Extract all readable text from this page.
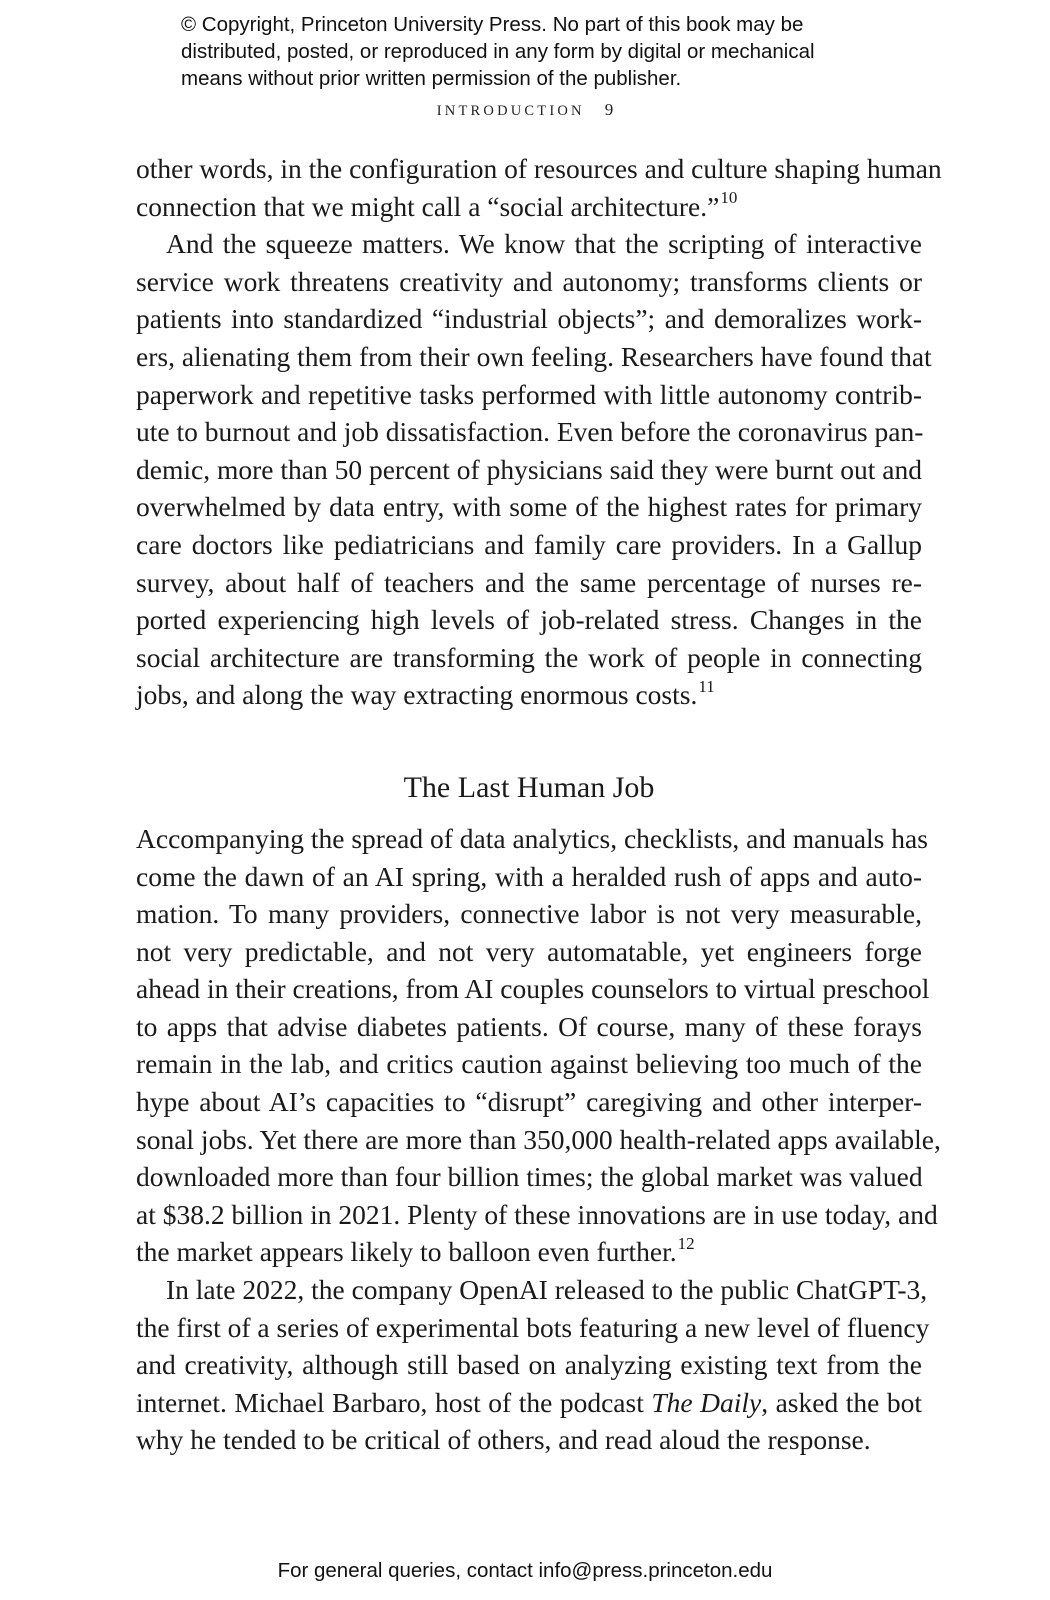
© Copyright, Princeton University Press. No part of this book may be
distributed, posted, or reproduced in any form by digital or mechanical
means without prior written permission of the publisher.
INTRODUCTION 9
other words, in the configuration of resources and culture shaping human
connection that we might call a “social architecture.”$^{10}$
And the squeeze matters. We know that the scripting of interactive
service work threatens creativity and autonomy; transforms clients or
patients into standardized “industrial objects”; and demoralizes work-
ers, alienating them from their own feeling. Researchers have found that
paperwork and repetitive tasks performed with little autonomy contrib-
ute to burnout and job dissatisfaction. Even before the coronavirus pan-
demic, more than 50 percent of physicians said they were burnt out and
overwhelmed by data entry, with some of the highest rates for primary
care doctors like pediatricians and family care providers. In a Gallup
survey, about half of teachers and the same percentage of nurses re-
ported experiencing high levels of job-related stress. Changes in the
social architecture are transforming the work of people in connecting
jobs, and along the way extracting enormous costs.$^{11}$
The Last Human Job
Accompanying the spread of data analytics, checklists, and manuals has
come the dawn of an AI spring, with a heralded rush of apps and auto-
mation. To many providers, connective labor is not very measurable,
not very predictable, and not very automatable, yet engineers forge
ahead in their creations, from AI couples counselors to virtual preschool
to apps that advise diabetes patients. Of course, many of these forays
remain in the lab, and critics caution against believing too much of the
hype about AI’s capacities to “disrupt” caregiving and other interper-
sonal jobs. Yet there are more than 350,000 health-related apps available,
downloaded more than four billion times; the global market was valued
at $38.2 billion in 2021. Plenty of these innovations are in use today, and
the market appears likely to balloon even further.$^{12}$
In late 2022, the company OpenAI released to the public ChatGPT-3,
the first of a series of experimental bots featuring a new level of fluency
and creativity, although still based on analyzing existing text from the
internet. Michael Barbaro, host of the podcast The Daily, asked the bot
why he tended to be critical of others, and read aloud the response.
For general queries, contact info@press.princeton.edu
